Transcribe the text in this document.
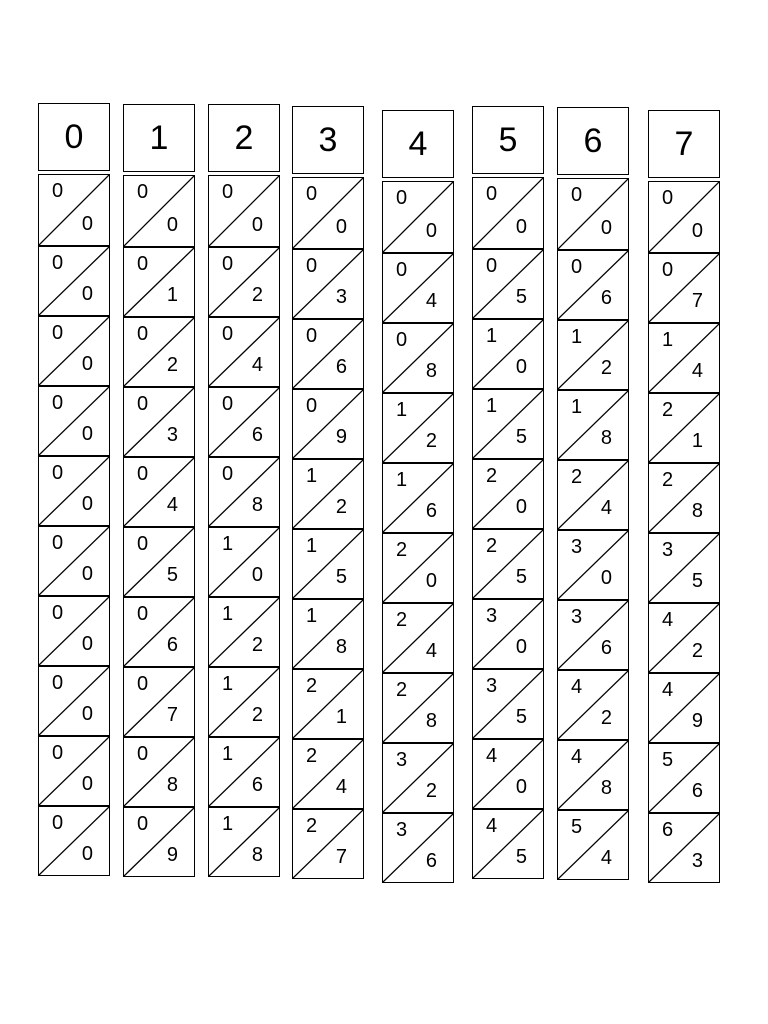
0
0
0
0
0
0
0
0
0
0
0
0
0
0
0
0
0
0
0
0
0
1
0
0
0
1
0
2
0
3
0
4
0
5
0
6
0
7
0
8
0
9
2
0
0
0
2
0
4
0
6
0
8
1
0
1
2
1
2
1
6
1
8
3
0
0
0
3
0
6
0
9
1
2
1
5
1
8
2
1
2
4
2
7
4
0
0
0
4
0
8
1
2
1
6
2
0
2
4
2
8
3
2
3
6
5
0
0
0
5
1
0
1
5
2
0
2
5
3
0
3
5
4
0
4
5
6
0
0
0
6
1
2
1
8
2
4
3
0
3
6
4
2
4
8
5
4
7
0
0
0
7
1
4
2
1
2
8
3
5
4
2
4
9
5
6
6
3
